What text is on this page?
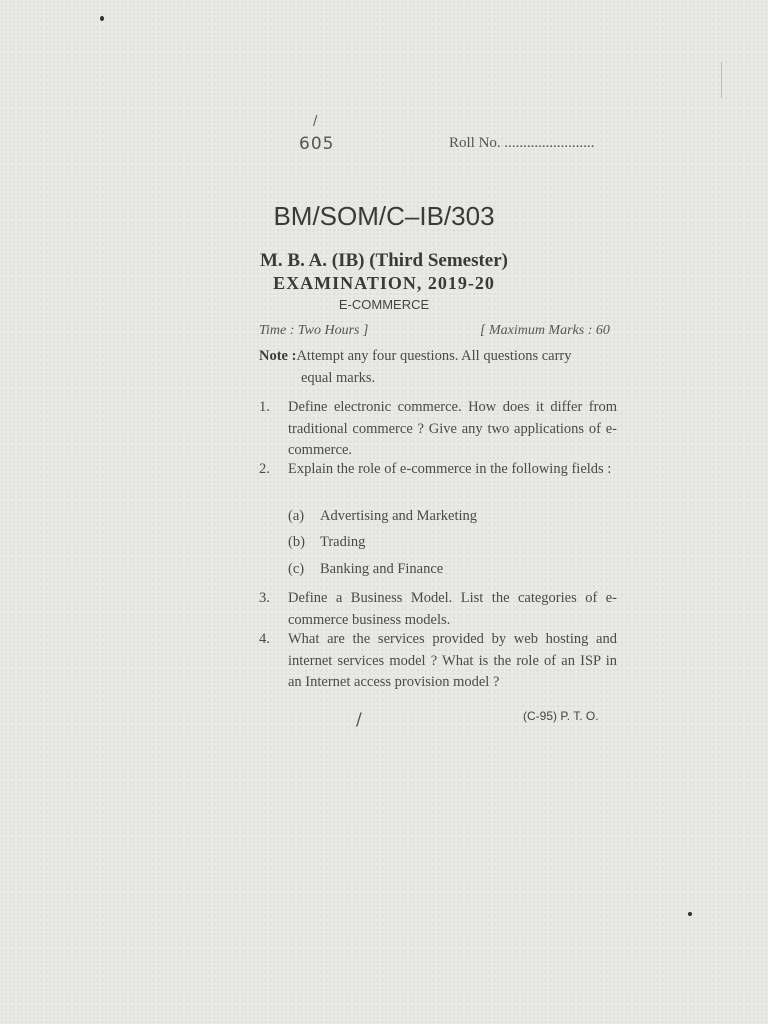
/
605	Roll No. ........................
BM/SOM/C–IB/303
M. B. A. (IB) (Third Semester)
EXAMINATION, 2019-20
E-COMMERCE
Time : Two Hours ]	[ Maximum Marks : 60
Note :Attempt any four questions. All questions carry
equal marks.
1.	Define electronic commerce. How does it differ from traditional commerce ? Give any two applications of e-commerce.
2.	Explain the role of e-commerce in the following fields :
(a) Advertising and Marketing
(b) Trading
(c) Banking and Finance
3.	Define a Business Model. List the categories of e-commerce business models.
4.	What are the services provided by web hosting and internet services model ? What is the role of an ISP in an Internet access provision model ?
/	(C-95) P. T. O.
